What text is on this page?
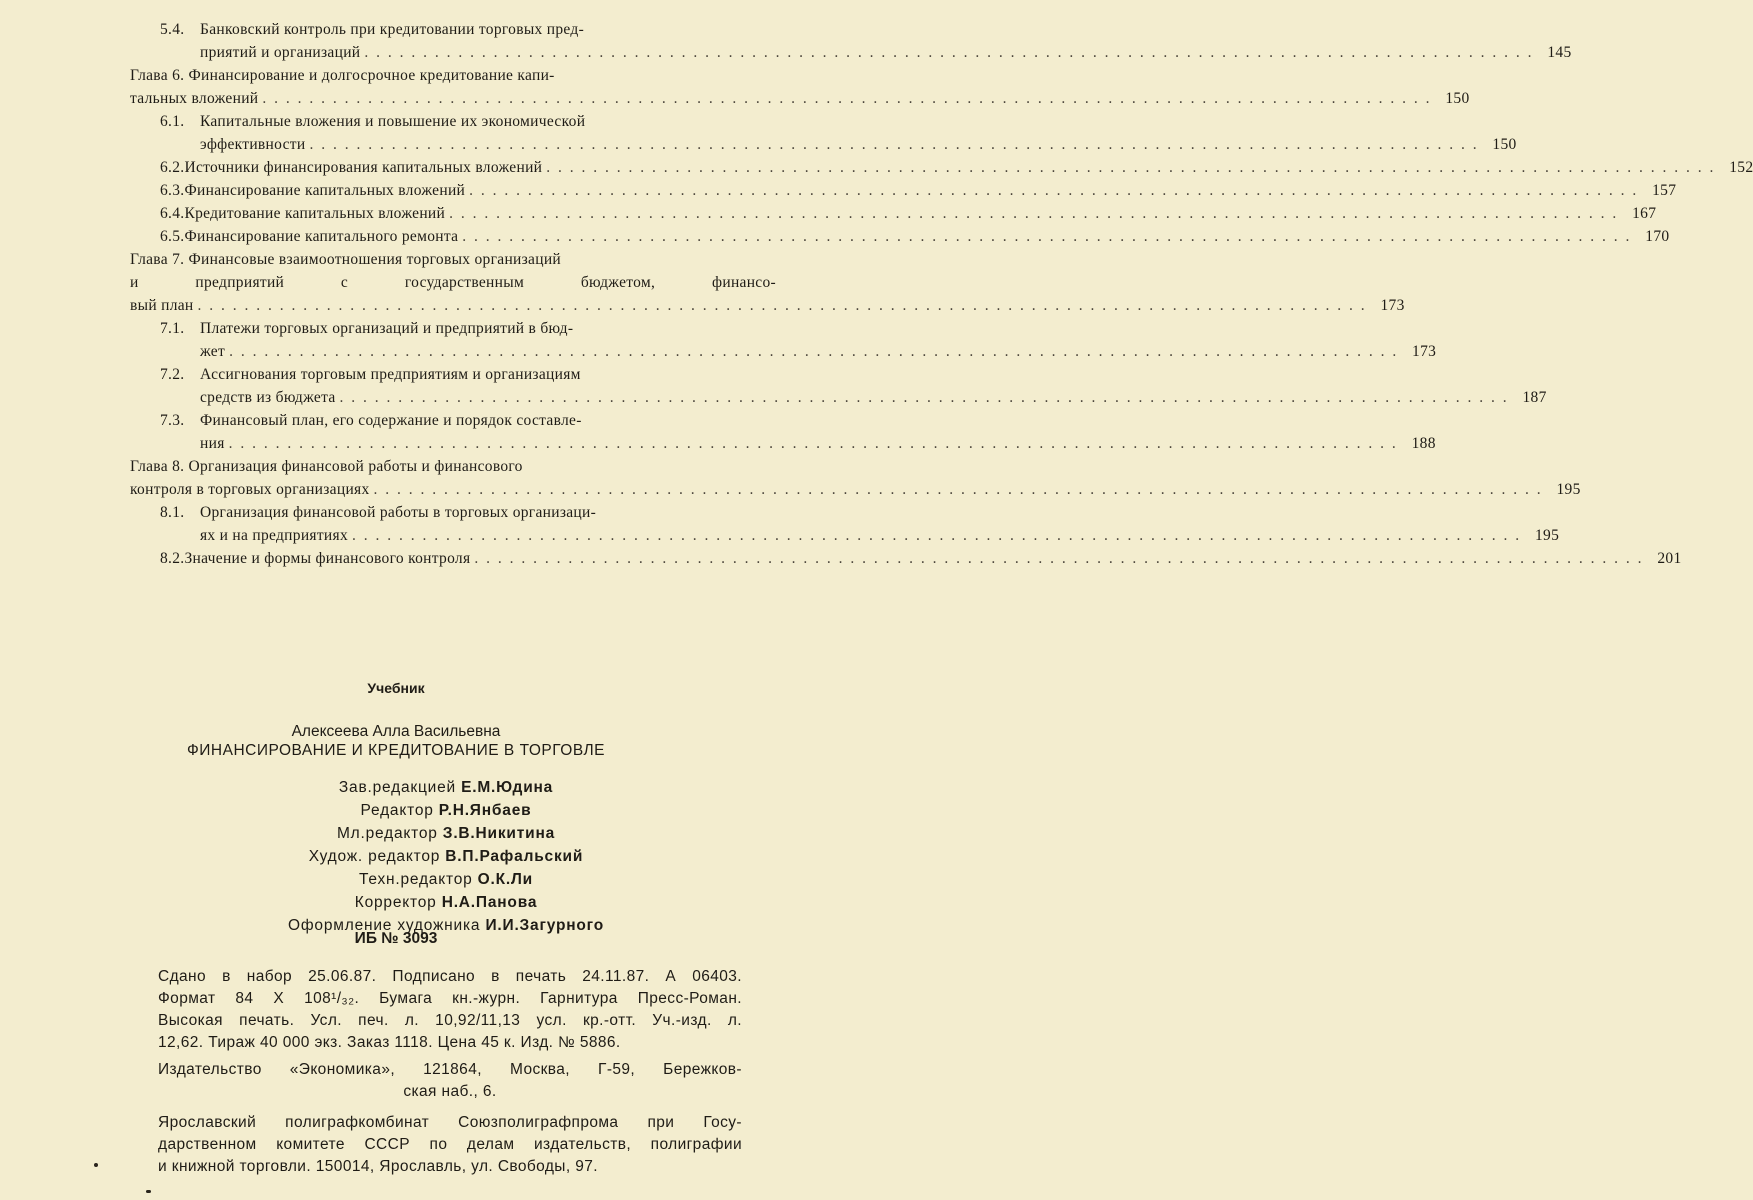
5.4.	Банковский контроль при кредитовании торговых пред-
приятий и организаций . . .	145
Глава 6. Финансирование и долгосрочное кредитование капи-
тальных вложений . . .	150
6.1.	Капитальные вложения и повышение их экономической
эффективности . . .	150
6.2. Источники финансирования капитальных вложений . . .	152
6.3. Финансирование капитальных вложений . . .	157
6.4. Кредитование капитальных вложений . . .	167
6.5. Финансирование капитального ремонта . . .	170
Глава 7. Финансовые взаимоотношения торговых организаций
и предприятий с государственным бюджетом, финансо-
вый план . . .	173
7.1.	Платежи торговых организаций и предприятий в бюд-
жет . . .	173
7.2.	Ассигнования торговым предприятиям и организациям
средств из бюджета . . .	187
7.3.	Финансовый план, его содержание и порядок составле-
ния . . .	188
Глава 8. Организация финансовой работы и финансового
контроля в торговых организациях . . .	195
8.1.	Организация финансовой работы в торговых организаци-
ях и на предприятиях . . .	195
8.2. Значение и формы финансового контроля . . .	201
Учебник
Алексеева Алла Васильевна
ФИНАНСИРОВАНИЕ И КРЕДИТОВАНИЕ В ТОРГОВЛЕ
Зав.редакцией Е.М.Юдина
Редактор Р.Н.Янбаев
Мл.редактор З.В.Никитина
Худож. редактор В.П.Рафальский
Техн.редактор О.К.Ли
Корректор Н.А.Панова
Оформление художника И.И.Загурного
ИБ № 3093
Сдано в набор 25.06.87. Подписано в печать 24.11.87. А 06403.
Формат 84 X 108¹/₃₂. Бумага кн.-журн. Гарнитура Пресс-Роман.
Высокая печать. Усл. печ. л. 10,92/11,13 усл. кр.-отт. Уч.-изд. л.
12,62. Тираж 40 000 экз. Заказ 1118. Цена 45 к. Изд. № 5886.
Издательство «Экономика», 121864, Москва, Г-59, Бережков-
ская наб., 6.
Ярославский полиграфкомбинат Союзполиграфпрома при Госу-
дарственном комитете СССР по делам издательств, полиграфии
и книжной торговли. 150014, Ярославль, ул. Свободы, 97.
